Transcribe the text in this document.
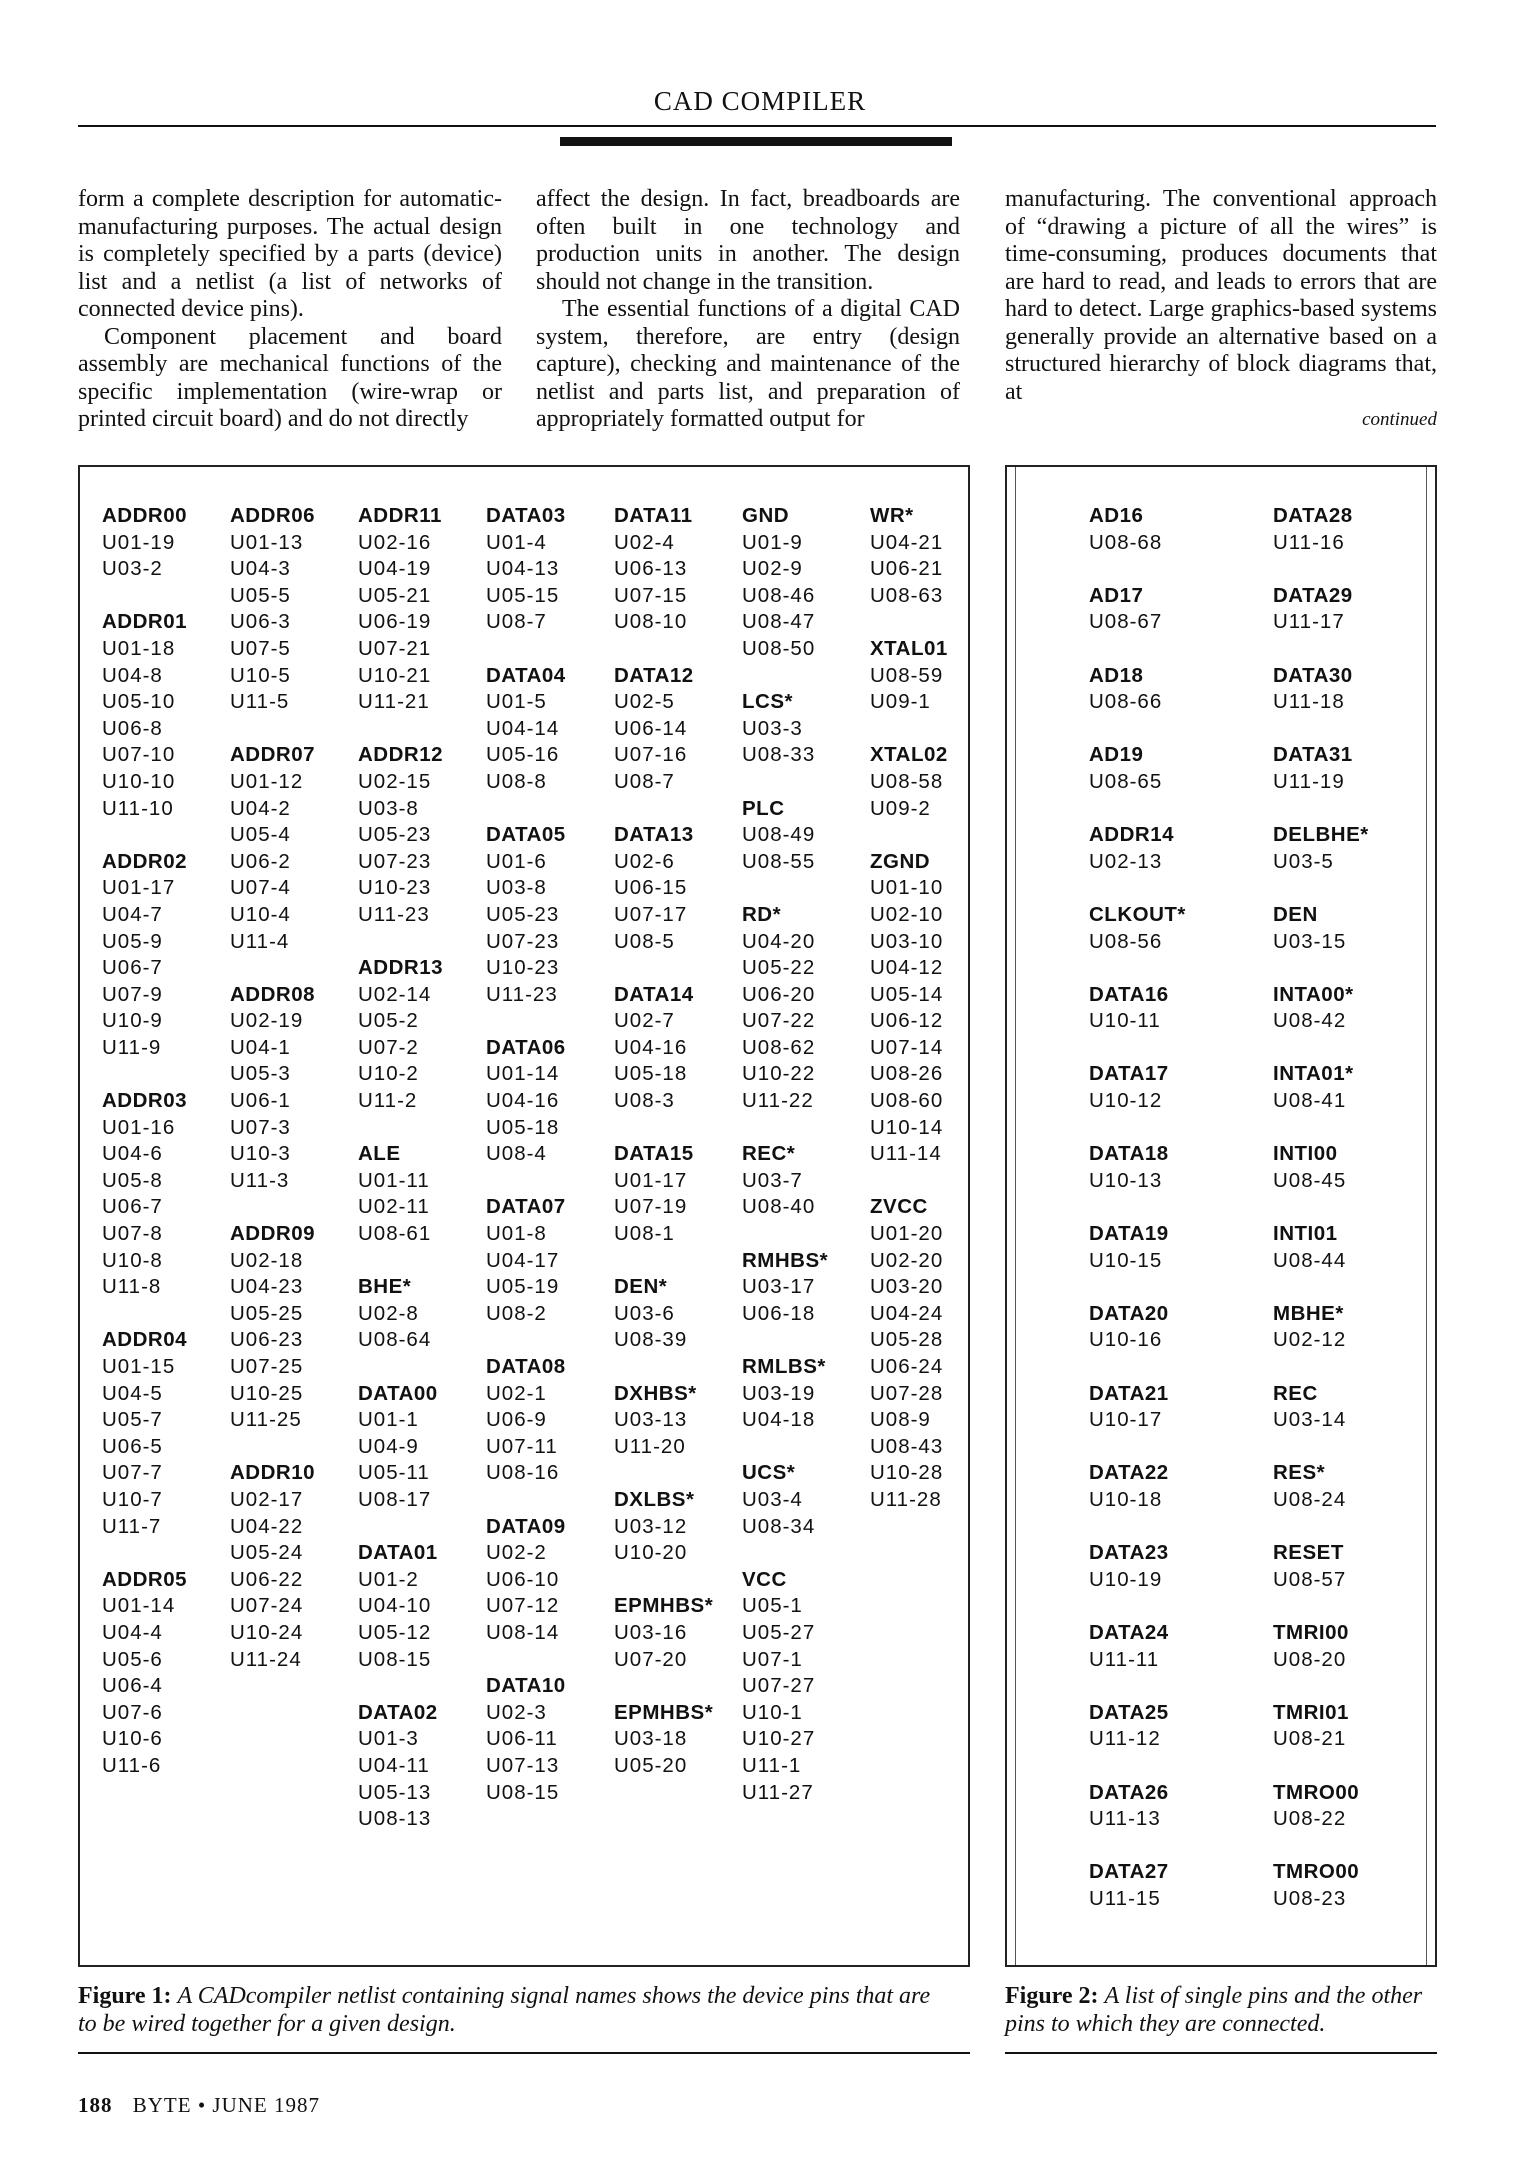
CAD COMPILER

form a complete description for automatic-manufacturing purposes. The actual design is completely specified by a parts (device) list and a netlist (a list of networks of connected device pins).

Component placement and board assembly are mechanical functions of the specific implementation (wire-wrap or printed circuit board) and do not directly

affect the design. In fact, breadboards are often built in one technology and production units in another. The design should not change in the transition.

The essential functions of a digital CAD system, therefore, are entry (design capture), checking and maintenance of the netlist and parts list, and preparation of appropriately formatted output for

manufacturing. The conventional approach of “drawing a picture of all the wires” is time-consuming, produces documents that are hard to read, and leads to errors that are hard to detect. Large graphics-based systems generally provide an alternative based on a structured hierarchy of block diagrams that, at

continued
ADDR00
U01-19
U03-2
ADDR01
U01-18
U04-8
U05-10
U06-8
U07-10
U10-10
U11-10
ADDR02
U01-17
U04-7
U05-9
U06-7
U07-9
U10-9
U11-9
ADDR03
U01-16
U04-6
U05-8
U06-7
U07-8
U10-8
U11-8
ADDR04
U01-15
U04-5
U05-7
U06-5
U07-7
U10-7
U11-7
ADDR05
U01-14
U04-4
U05-6
U06-4
U07-6
U10-6
U11-6
ADDR06
U01-13
U04-3
U05-5
U06-3
U07-5
U10-5
U11-5
ADDR07
U01-12
U04-2
U05-4
U06-2
U07-4
U10-4
U11-4
ADDR08
U02-19
U04-1
U05-3
U06-1
U07-3
U10-3
U11-3
ADDR09
U02-18
U04-23
U05-25
U06-23
U07-25
U10-25
U11-25
ADDR10
U02-17
U04-22
U05-24
U06-22
U07-24
U10-24
U11-24
ADDR11
U02-16
U04-19
U05-21
U06-19
U07-21
U10-21
U11-21
ADDR12
U02-15
U03-8
U05-23
U07-23
U10-23
U11-23
ADDR13
U02-14
U05-2
U07-2
U10-2
U11-2
ALE
U01-11
U02-11
U08-61
BHE*
U02-8
U08-64
DATA00
U01-1
U04-9
U05-11
U08-17
DATA01
U01-2
U04-10
U05-12
U08-15
DATA02
U01-3
U04-11
U05-13
U08-13
DATA03
U01-4
U04-13
U05-15
U08-7
DATA04
U01-5
U04-14
U05-16
U08-8
DATA05
U01-6
U03-8
U05-23
U07-23
U10-23
U11-23
DATA06
U01-14
U04-16
U05-18
U08-4
DATA07
U01-8
U04-17
U05-19
U08-2
DATA08
U02-1
U06-9
U07-11
U08-16
DATA09
U02-2
U06-10
U07-12
U08-14
DATA10
U02-3
U06-11
U07-13
U08-15
DATA11
U02-4
U06-13
U07-15
U08-10
DATA12
U02-5
U06-14
U07-16
U08-7
DATA13
U02-6
U06-15
U07-17
U08-5
DATA14
U02-7
U04-16
U05-18
U08-3
DATA15
U01-17
U07-19
U08-1
DEN*
U03-6
U08-39
DXHBS*
U03-13
U11-20
DXLBS*
U03-12
U10-20
EPMHBS*
U03-16
U07-20
EPMHBS*
U03-18
U05-20
GND
U01-9
U02-9
U08-46
U08-47
U08-50
LCS*
U03-3
U08-33
PLC
U08-49
U08-55
RD*
U04-20
U05-22
U06-20
U07-22
U08-62
U10-22
U11-22
REC*
U03-7
U08-40
RMHBS*
U03-17
U06-18
RMLBS*
U03-19
U04-18
UCS*
U03-4
U08-34
VCC
U05-1
U05-27
U07-1
U07-27
U10-1
U10-27
U11-1
U11-27
WR*
U04-21
U06-21
U08-63
XTAL01
U08-59
U09-1
XTAL02
U08-58
U09-2
ZGND
U01-10
U02-10
U03-10
U04-12
U05-14
U06-12
U07-14
U08-26
U08-60
U10-14
U11-14
ZVCC
U01-20
U02-20
U03-20
U04-24
U05-28
U06-24
U07-28
U08-9
U08-43
U10-28
U11-28
AD16
U08-68
AD17
U08-67
AD18
U08-66
AD19
U08-65
ADDR14
U02-13
CLKOUT*
U08-56
DATA16
U10-11
DATA17
U10-12
DATA18
U10-13
DATA19
U10-15
DATA20
U10-16
DATA21
U10-17
DATA22
U10-18
DATA23
U10-19
DATA24
U11-11
DATA25
U11-12
DATA26
U11-13
DATA27
U11-15
DATA28
U11-16
DATA29
U11-17
DATA30
U11-18
DATA31
U11-19
DELBHE*
U03-5
DEN
U03-15
INTA00*
U08-42
INTA01*
U08-41
INTI00
U08-45
INTI01
U08-44
MBHE*
U02-12
REC
U03-14
RES*
U08-24
RESET
U08-57
TMRI00
U08-20
TMRI01
U08-21
TMRO00
U08-22
TMRO00
U08-23
Figure 1: A CADcompiler netlist containing signal names shows the device pins that are to be wired together for a given design.
Figure 2: A list of single pins and the other pins to which they are connected.
188 BYTE • JUNE 1987
